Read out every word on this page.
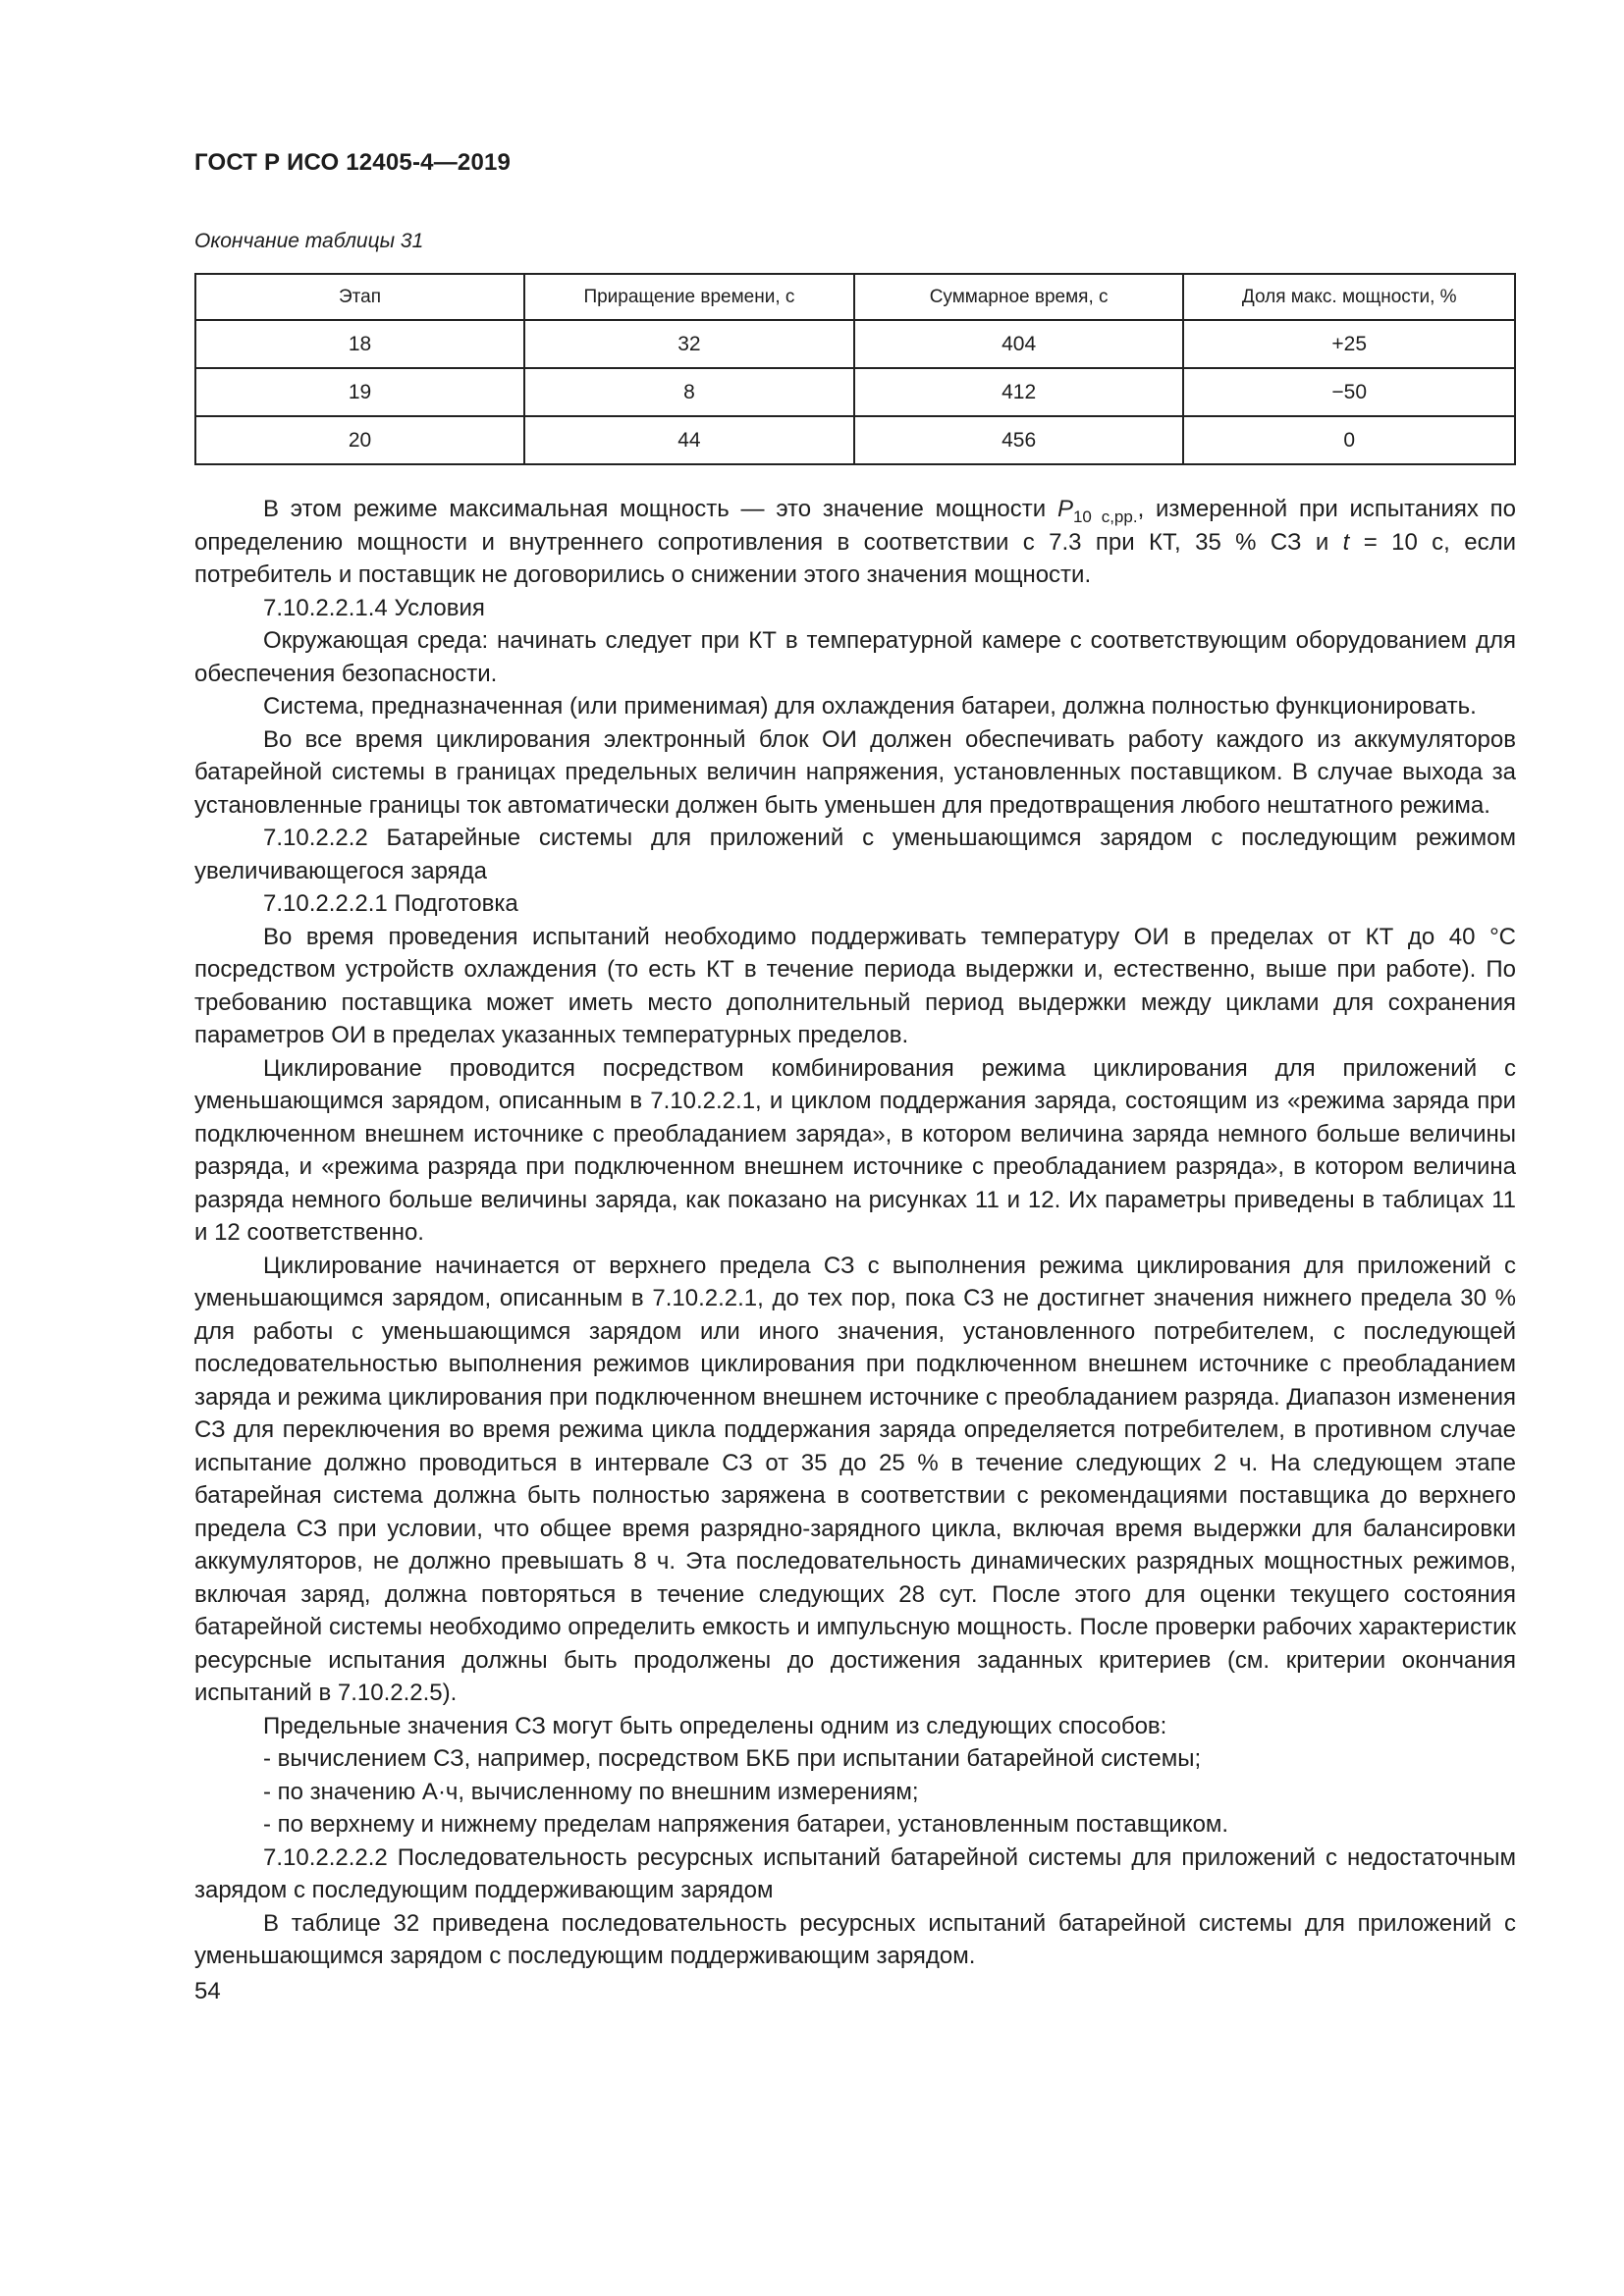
ГОСТ Р ИСО 12405-4—2019
Окончание таблицы 31
Этап	Приращение времени, с	Суммарное время, с	Доля макс. мощности, %
18	32	404	+25
19	8	412	−50
20	44	456	0

В этом режиме максимальная мощность — это значение мощности $P_{10 с,рр.}$, измеренной при испытаниях по определению мощности и внутреннего сопротивления в соответствии с 7.3 при КТ, 35 % СЗ и t = 10 с, если потребитель и поставщик не договорились о снижении этого значения мощности.

7.10.2.2.1.4 Условия

Окружающая среда: начинать следует при КТ в температурной камере с соответствующим оборудованием для обеспечения безопасности.

Система, предназначенная (или применимая) для охлаждения батареи, должна полностью функционировать.

Во все время циклирования электронный блок ОИ должен обеспечивать работу каждого из аккумуляторов батарейной системы в границах предельных величин напряжения, установленных поставщиком. В случае выхода за установленные границы ток автоматически должен быть уменьшен для предотвращения любого нештатного режима.

7.10.2.2.2 Батарейные системы для приложений с уменьшающимся зарядом с последующим режимом увеличивающегося заряда

7.10.2.2.2.1 Подготовка

Во время проведения испытаний необходимо поддерживать температуру ОИ в пределах от КТ до 40 °С посредством устройств охлаждения (то есть КТ в течение периода выдержки и, естественно, выше при работе). По требованию поставщика может иметь место дополнительный период выдержки между циклами для сохранения параметров ОИ в пределах указанных температурных пределов.

Циклирование проводится посредством комбинирования режима циклирования для приложений с уменьшающимся зарядом, описанным в 7.10.2.2.1, и циклом поддержания заряда, состоящим из «режима заряда при подключенном внешнем источнике с преобладанием заряда», в котором величина заряда немного больше величины разряда, и «режима разряда при подключенном внешнем источнике с преобладанием разряда», в котором величина разряда немного больше величины заряда, как показано на рисунках 11 и 12. Их параметры приведены в таблицах 11 и 12 соответственно.

Циклирование начинается от верхнего предела СЗ с выполнения режима циклирования для приложений с уменьшающимся зарядом, описанным в 7.10.2.2.1, до тех пор, пока СЗ не достигнет значения нижнего предела 30 % для работы с уменьшающимся зарядом или иного значения, установленного потребителем, с последующей последовательностью выполнения режимов циклирования при подключенном внешнем источнике с преобладанием заряда и режима циклирования при подключенном внешнем источнике с преобладанием разряда. Диапазон изменения СЗ для переключения во время режима цикла поддержания заряда определяется потребителем, в противном случае испытание должно проводиться в интервале СЗ от 35 до 25 % в течение следующих 2 ч. На следующем этапе батарейная система должна быть полностью заряжена в соответствии с рекомендациями поставщика до верхнего предела СЗ при условии, что общее время разрядно-зарядного цикла, включая время выдержки для балансировки аккумуляторов, не должно превышать 8 ч. Эта последовательность динамических разрядных мощностных режимов, включая заряд, должна повторяться в течение следующих 28 сут. После этого для оценки текущего состояния батарейной системы необходимо определить емкость и импульсную мощность. После проверки рабочих характеристик ресурсные испытания должны быть продолжены до достижения заданных критериев (см. критерии окончания испытаний в 7.10.2.2.5).

Предельные значения СЗ могут быть определены одним из следующих способов:

- вычислением СЗ, например, посредством БКБ при испытании батарейной системы;

- по значению А·ч, вычисленному по внешним измерениям;

- по верхнему и нижнему пределам напряжения батареи, установленным поставщиком.

7.10.2.2.2.2 Последовательность ресурсных испытаний батарейной системы для приложений с недостаточным зарядом с последующим поддерживающим зарядом

В таблице 32 приведена последовательность ресурсных испытаний батарейной системы для приложений с уменьшающимся зарядом с последующим поддерживающим зарядом.

54
